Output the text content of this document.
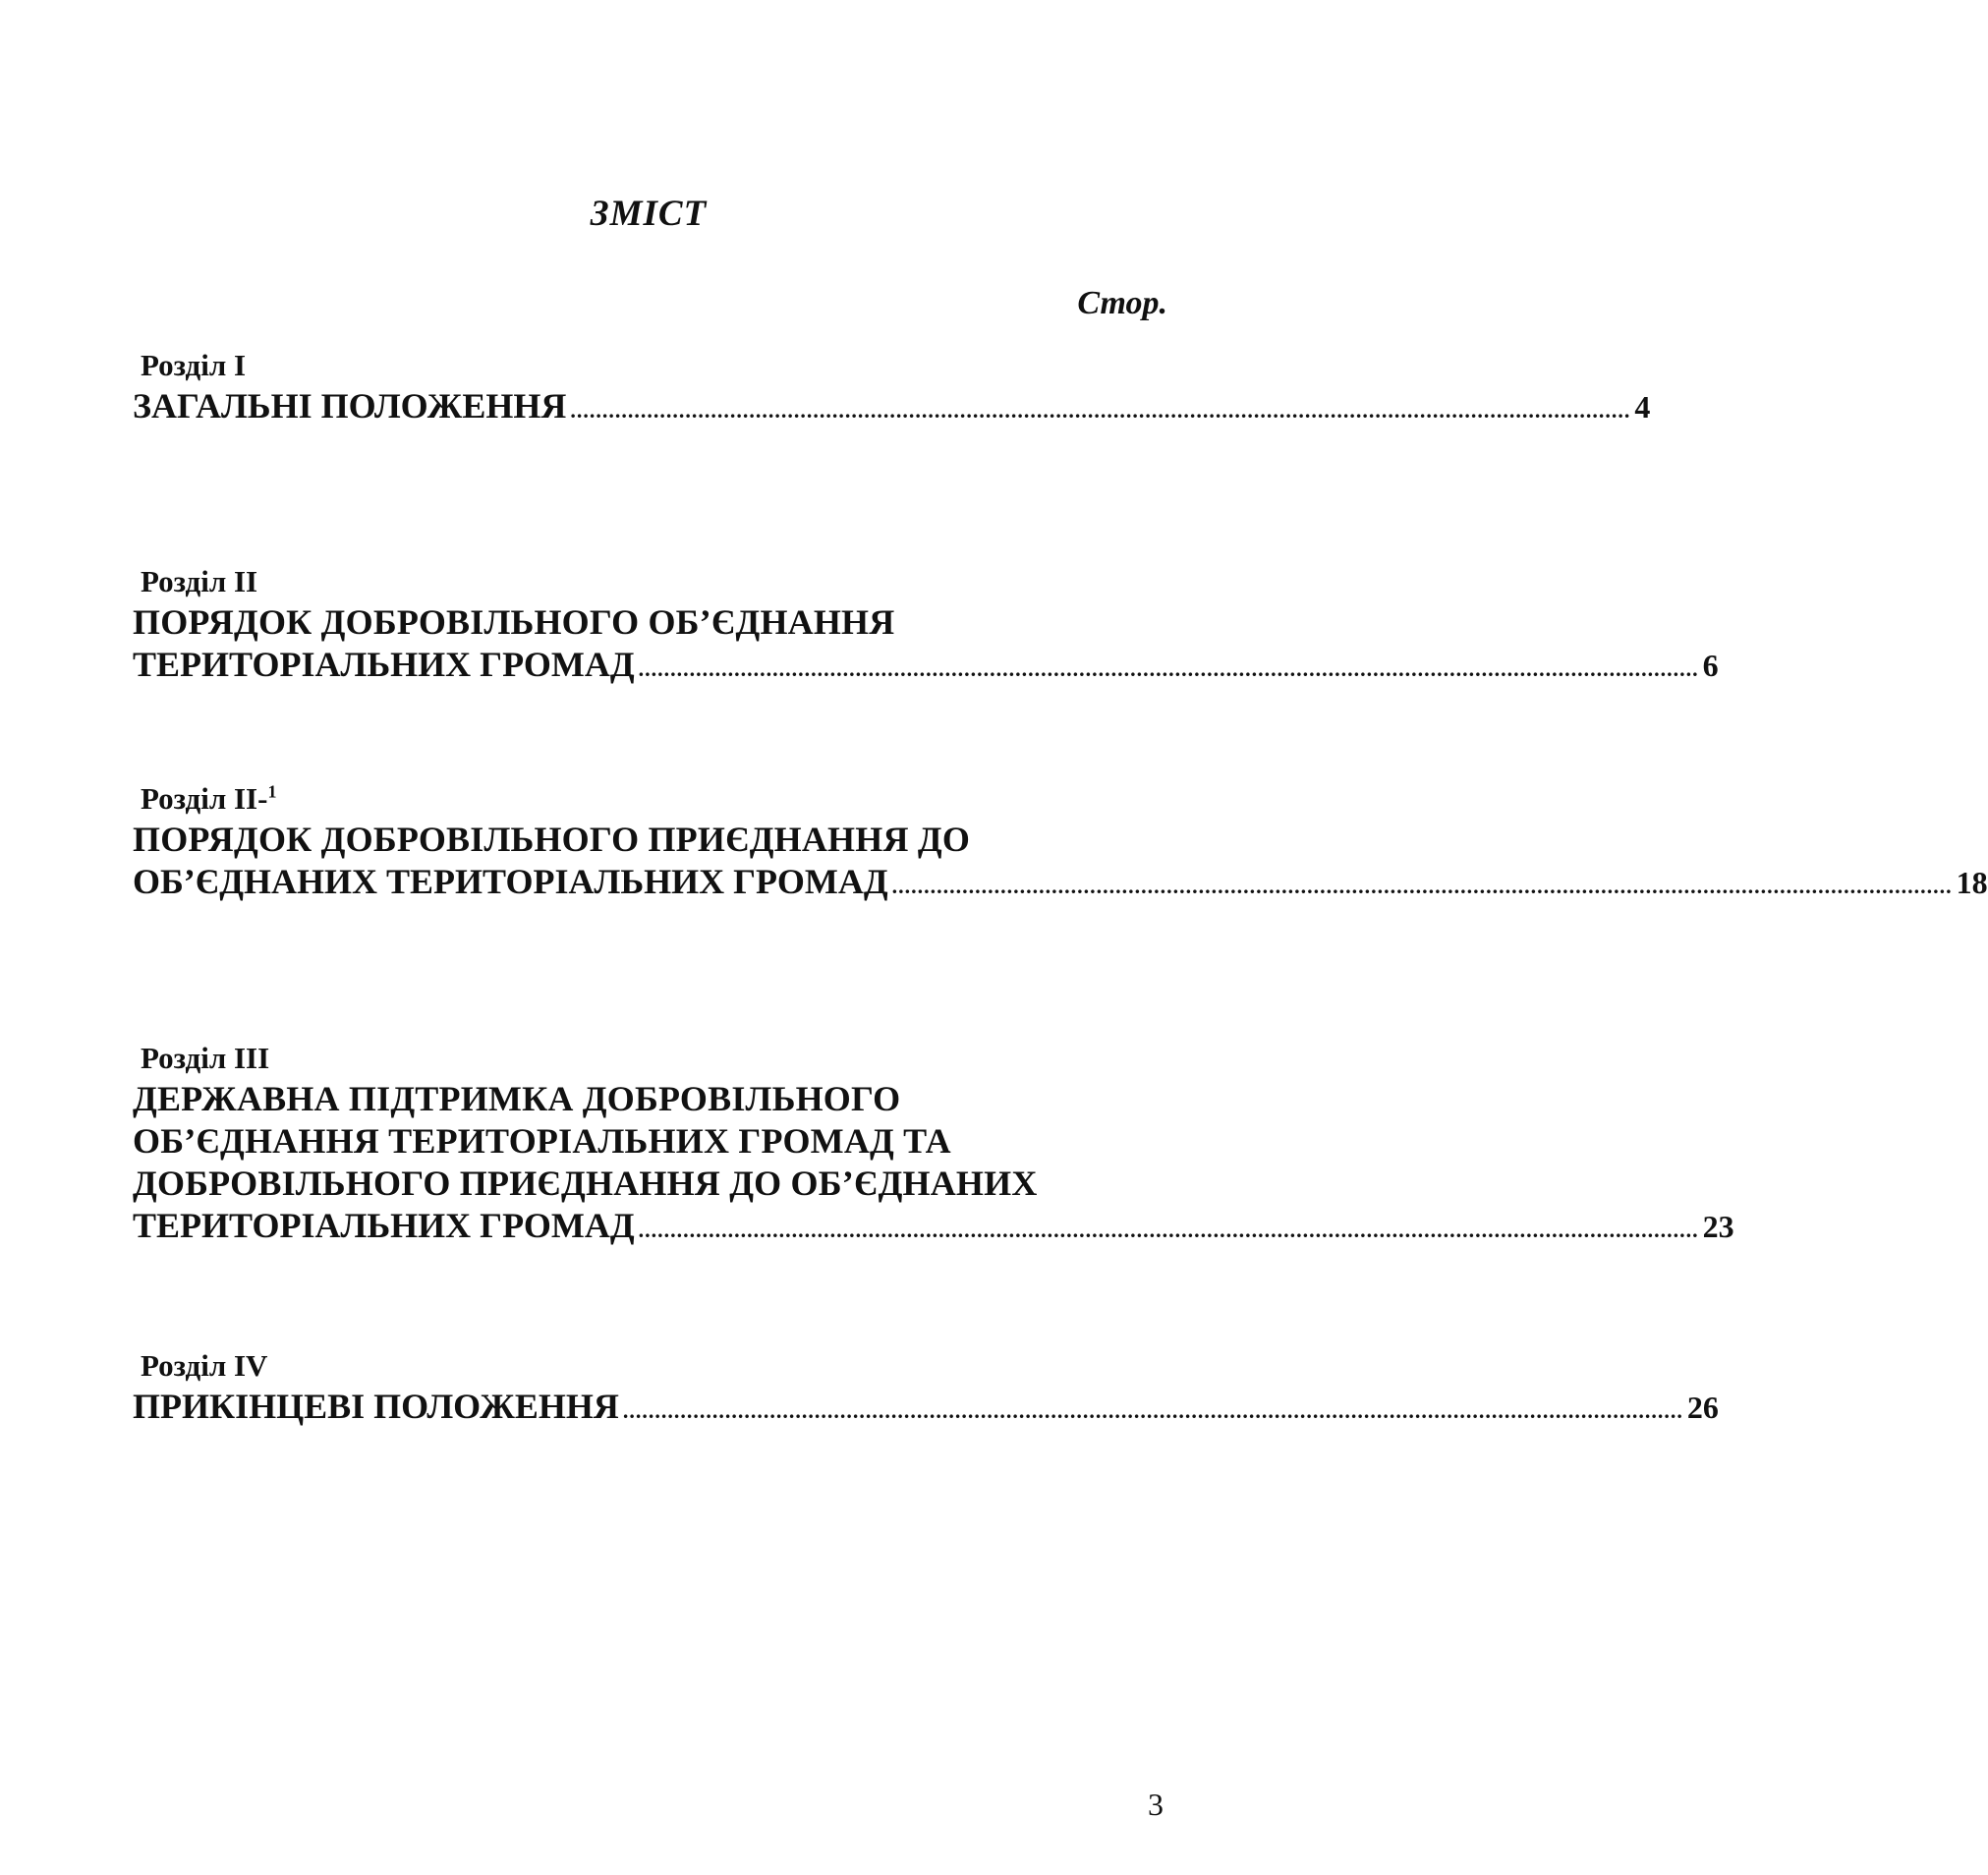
ЗМІСТ
Стор.
Розділ I
ЗАГАЛЬНІ ПОЛОЖЕННЯ ...................................................................................................................................................................... 4
Розділ II
ПОРЯДОК ДОБРОВІЛЬНОГО ОБ’ЄДНАННЯ
ТЕРИТОРІАЛЬНИХ ГРОМАД ...................................................................................................................................................................... 6
Розділ II-$^1$
ПОРЯДОК ДОБРОВІЛЬНОГО ПРИЄДНАННЯ ДО
ОБ’ЄДНАНИХ ТЕРИТОРІАЛЬНИХ ГРОМАД ...................................................................................................................................................................... 18
Розділ III
ДЕРЖАВНА ПІДТРИМКА ДОБРОВІЛЬНОГО
ОБ’ЄДНАННЯ ТЕРИТОРІАЛЬНИХ ГРОМАД ТА
ДОБРОВІЛЬНОГО ПРИЄДНАННЯ ДО ОБ’ЄДНАНИХ
ТЕРИТОРІАЛЬНИХ ГРОМАД ...................................................................................................................................................................... 23
Розділ IV
ПРИКІНЦЕВІ ПОЛОЖЕННЯ ...................................................................................................................................................................... 26
3
